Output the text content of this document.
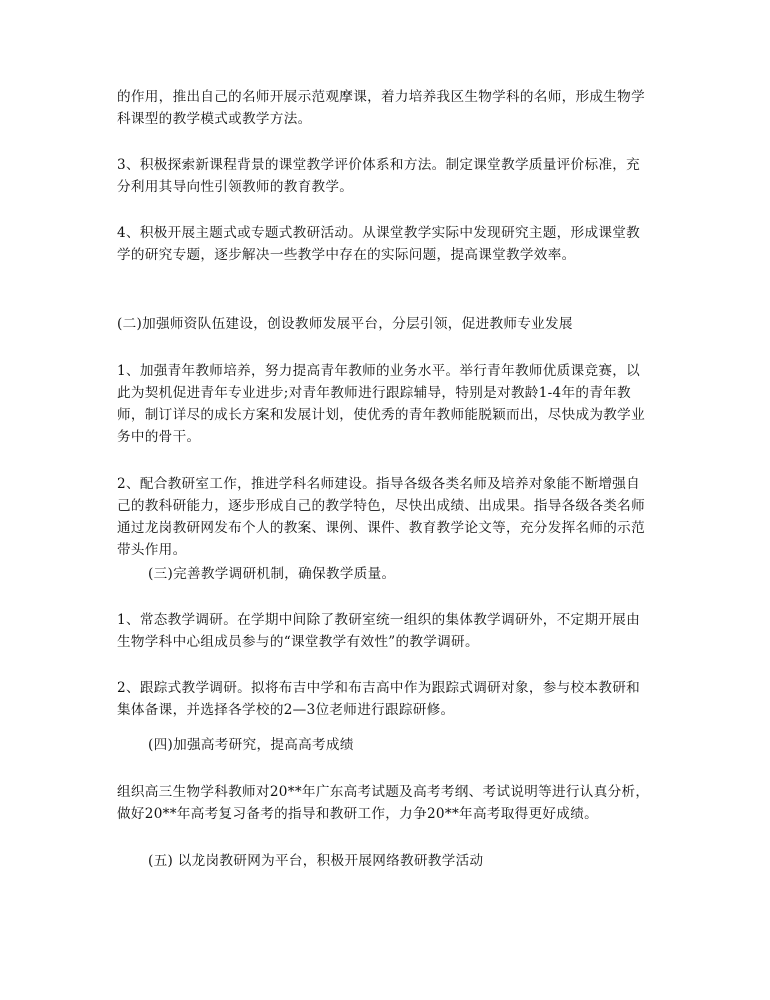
的作用，推出自己的名师开展示范观摩课，着力培养我区生物学科的名师，形成生物学科课型的教学模式或教学方法。

3、积极探索新课程背景的课堂教学评价体系和方法。制定课堂教学质量评价标准，充分利用其导向性引领教师的教育教学。

4、积极开展主题式或专题式教研活动。从课堂教学实际中发现研究主题，形成课堂教学的研究专题，逐步解决一些教学中存在的实际问题，提高课堂教学效率。

(二)加强师资队伍建设，创设教师发展平台，分层引领，促进教师专业发展

1、加强青年教师培养，努力提高青年教师的业务水平。举行青年教师优质课竞赛，以此为契机促进青年专业进步;对青年教师进行跟踪辅导，特别是对教龄1-4年的青年教师，制订详尽的成长方案和发展计划，使优秀的青年教师能脱颖而出，尽快成为教学业务中的骨干。

2、配合教研室工作，推进学科名师建设。指导各级各类名师及培养对象能不断增强自己的教科研能力，逐步形成自己的教学特色，尽快出成绩、出成果。指导各级各类名师通过龙岗教研网发布个人的教案、课例、课件、教育教学论文等，充分发挥名师的示范带头作用。

(三)完善教学调研机制，确保教学质量。

1、常态教学调研。在学期中间除了教研室统一组织的集体教学调研外，不定期开展由生物学科中心组成员参与的“课堂教学有效性”的教学调研。

2、跟踪式教学调研。拟将布吉中学和布吉高中作为跟踪式调研对象，参与校本教研和集体备课，并选择各学校的2—3位老师进行跟踪研修。

(四)加强高考研究，提高高考成绩

组织高三生物学科教师对20**年广东高考试题及高考考纲、考试说明等进行认真分析，做好20**年高考复习备考的指导和教研工作，力争20**年高考取得更好成绩。

(五) 以龙岗教研网为平台，积极开展网络教研教学活动
